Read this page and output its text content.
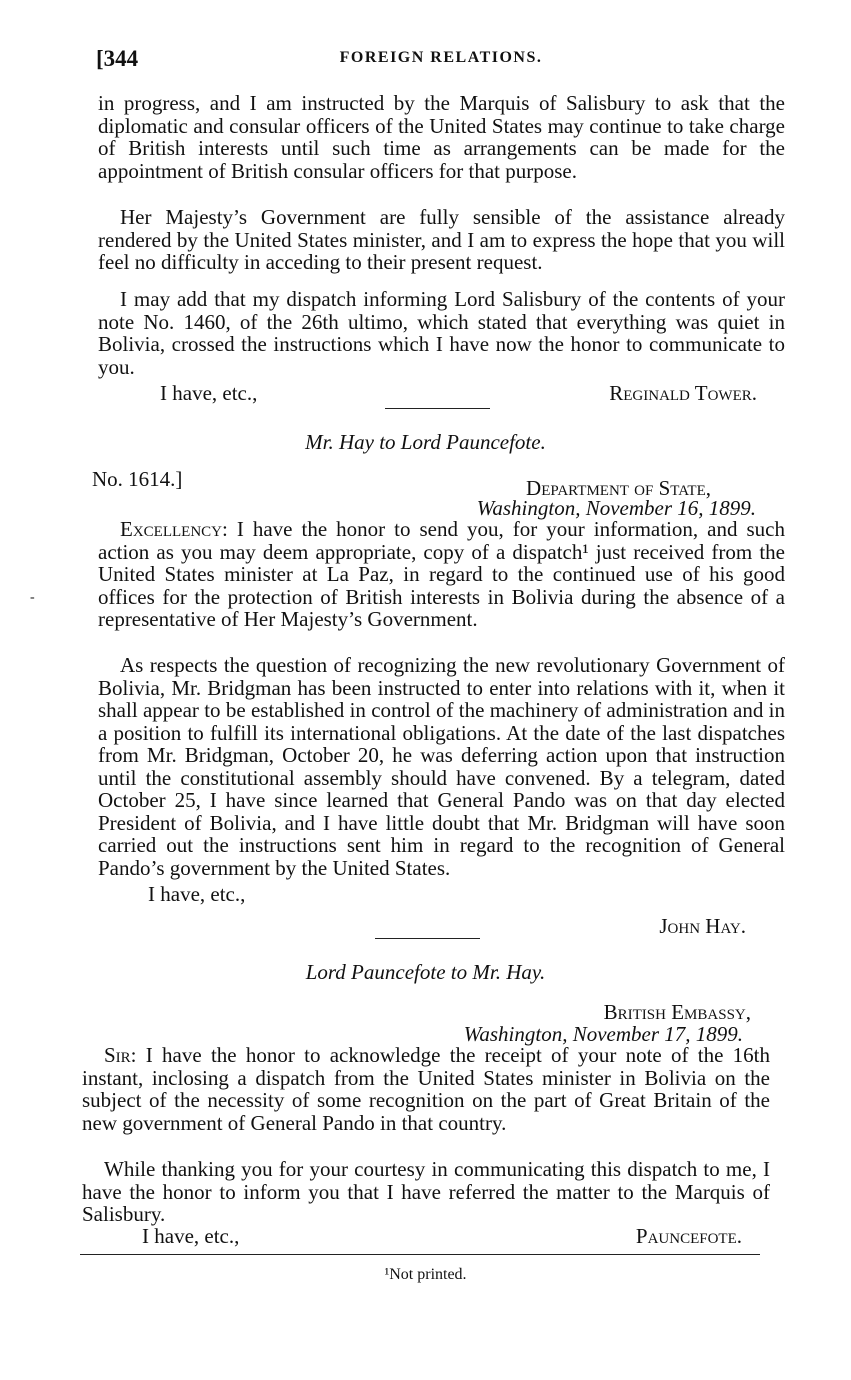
[344	FOREIGN RELATIONS.

in progress, and I am instructed by the Marquis of Salisbury to ask that the diplomatic and consular officers of the United States may continue to take charge of British interests until such time as arrangements can be made for the appointment of British consular officers for that purpose.

Her Majesty’s Government are fully sensible of the assistance already rendered by the United States minister, and I am to express the hope that you will feel no difficulty in acceding to their present request.

I may add that my dispatch informing Lord Salisbury of the contents of your note No. 1460, of the 26th ultimo, which stated that everything was quiet in Bolivia, crossed the instructions which I have now the honor to communicate to you.

I have, etc.,	Reginald Tower.
Mr. Hay to Lord Pauncefote.
No. 1614.]	Department of State,
Washington, November 16, 1899.

Excellency: I have the honor to send you, for your information, and such action as you may deem appropriate, copy of a dispatch¹ just received from the United States minister at La Paz, in regard to the continued use of his good offices for the protection of British interests in Bolivia during the absence of a representative of Her Majesty’s Government.

As respects the question of recognizing the new revolutionary Government of Bolivia, Mr. Bridgman has been instructed to enter into relations with it, when it shall appear to be established in control of the machinery of administration and in a position to fulfill its international obligations. At the date of the last dispatches from Mr. Bridgman, October 20, he was deferring action upon that instruction until the constitutional assembly should have convened. By a telegram, dated October 25, I have since learned that General Pando was on that day elected President of Bolivia, and I have little doubt that Mr. Bridgman will have soon carried out the instructions sent him in regard to the recognition of General Pando’s government by the United States.

I have, etc.,
John Hay.
Lord Pauncefote to Mr. Hay.
British Embassy,
Washington, November 17, 1899.

Sir: I have the honor to acknowledge the receipt of your note of the 16th instant, inclosing a dispatch from the United States minister in Bolivia on the subject of the necessity of some recognition on the part of Great Britain of the new government of General Pando in that country.

While thanking you for your courtesy in communicating this dispatch to me, I have the honor to inform you that I have referred the matter to the Marquis of Salisbury.

I have, etc.,	Pauncefote.
¹Not printed.
-
